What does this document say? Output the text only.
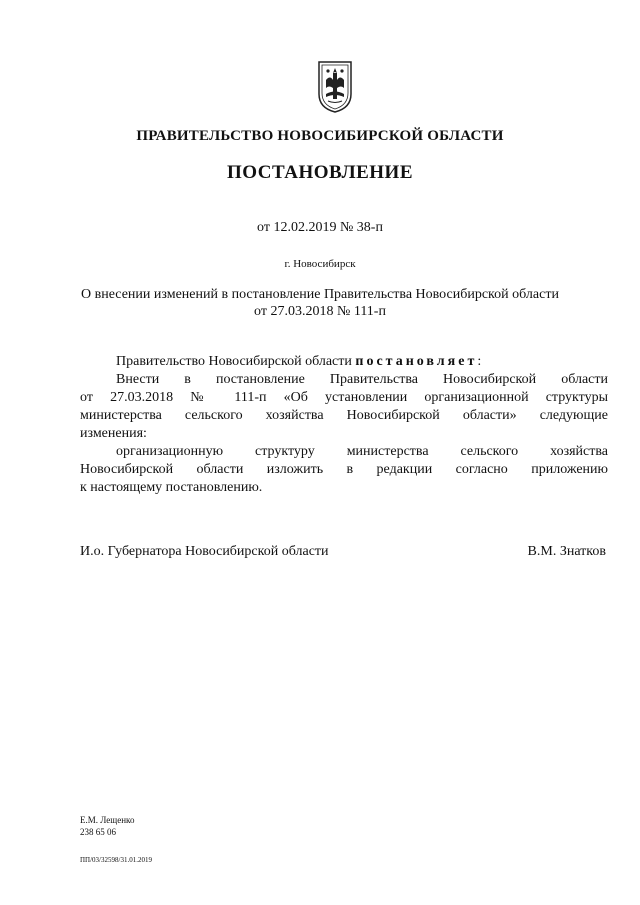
ПРАВИТЕЛЬСТВО НОВОСИБИРСКОЙ ОБЛАСТИ
ПОСТАНОВЛЕНИЕ
от 12.02.2019 № 38-п
г. Новосибирск
О внесении изменений в постановление Правительства Новосибирской области
от 27.03.2018 № 111-п

Правительство Новосибирской области постановляет:

Внести в постановление Правительства Новосибирской области

от 27.03.2018 № 111-п «Об установлении организационной структуры

министерства сельского хозяйства Новосибирской области» следующие

изменения:

организационную структуру министерства сельского хозяйства

Новосибирской области изложить в редакции согласно приложению

к настоящему постановлению.

И.о. Губернатора Новосибирской области	В.М. Знатков
Е.М. Лещенко
238 65 06
ПП/03/32598/31.01.2019
